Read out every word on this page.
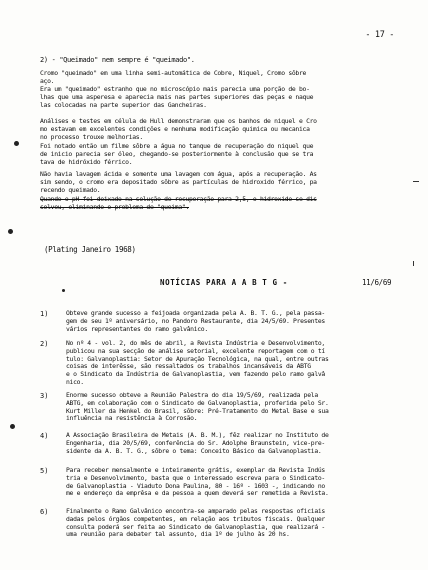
- 17 -
2) - "Queimado" nem sempre é "queimado".
Cromo "queimado" em uma linha semi-automática de Cobre, Niquel, Cromo sôbre
aço.
Era um "queimado" estranho que no microscópio mais parecia uma porção de bo-
lhas que uma asperesa e aparecia mais nas partes superiores das peças e naque
las colocadas na parte superior das Gancheiras.
Análises e testes em célula de Hull demonstraram que os banhos de niquel e Cro
mo estavam em excelentes condições e nenhuma modificação quimica ou mecanica
no processo trouxe melhorias.
Foi notado então um filme sôbre a água no tanque de recuperação do niquel que
de inicio parecia ser óleo, chegando-se posteriormente à conclusão que se tra
tava de hidróxido férrico.
Não havia lavagem ácida e somente uma lavagem com água, após a recuperação. As
sim sendo, o cromo era depositado sôbre as partículas de hidroxido férrico, pa
recendo queimado.
Quando o pH foi deixado na solução de recuperação para 2,5, o hidroxido se dis
solveu, eliminando o problema de "queima".
(Plating Janeiro 1968)
NOTÍCIAS PARA A A B T G -	11/6/69
1)	Obteve grande sucesso a feijoada organizada pela A. B. T. G., pela passa-
gem de seu 1º aniversário, no Pandoro Restaurante, dia 24/5/69. Presentes
vários representantes do ramo galvânico.
2)	No nº 4 - vol. 2, do mês de abril, a Revista Indústria e Desenvolvimento,
publicou na sua secção de análise setorial, excelente reportagem com o tí
tulo: Galvanoplastia: Setor de Apuração Tecnológica, na qual, entre outras
coisas de interêsse, são ressaltados os trabalhos incansáveis da ABTG
e o Sindicato da Indústria de Galvanoplastia, vem fazendo pelo ramo galvâ
nico.
3)	Enorme sucesso obteve a Reunião Palestra do dia 19/5/69, realizada pela
ABTG, em colaboração com o Sindicato de Galvanoplastia, proferida pelo Sr.
Kurt Miller da Henkel do Brasil, sôbre: Pré-Tratamento do Metal Base e sua
influência na resistência à Corrosão.
4)	A Associação Brasileira de Metais (A. B. M.), fêz realizar no Instituto de
Engenharia, dia 20/5/69, conferência do Sr. Adolphe Braunstein, vice-pre-
sidente da A. B. T. G., sôbre o tema: Conceito Básico da Galvanoplastia.
5)	Para receber mensalmente e inteiramente grátis, exemplar da Revista Indús
tria e Desenvolvimento, basta que o interessado escreva para o Sindicato-
de Galvanoplastia - Viaduto Dona Paulina, 80 - 16º - 1603 -, indicando no
me e endereço da emprêsa e da pessoa a quem deverá ser remetida a Revista.
6)	Finalmente o Ramo Galvânico encontra-se amparado pelas respostas oficiais
dadas pelos órgãos competentes, em relação aos tributos fiscais. Qualquer
consulta poderá ser feita ao Sindicato de Galvanoplastia, que realizará -
uma reunião para debater tal assunto, dia 1º de julho às 20 hs.
